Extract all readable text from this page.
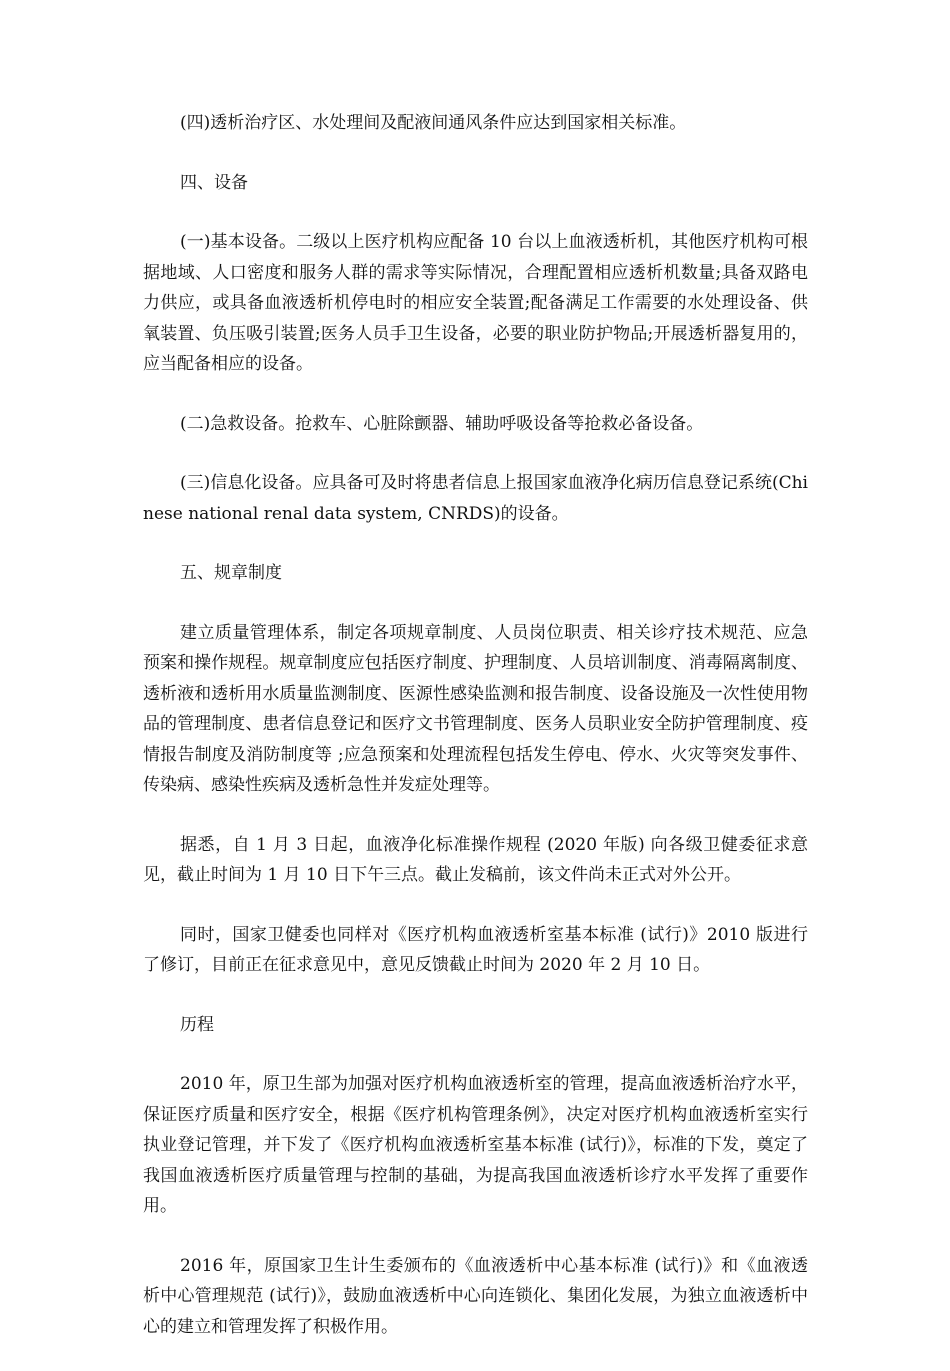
(四)透析治疗区、水处理间及配液间通风条件应达到国家相关标准。

四、设备

(一)基本设备。二级以上医疗机构应配备 10 台以上血液透析机，其他医疗机构可根据地域、人口密度和服务人群的需求等实际情况，合理配置相应透析机数量;具备双路电力供应，或具备血液透析机停电时的相应安全装置;配备满足工作需要的水处理设备、供氧装置、负压吸引装置;医务人员手卫生设备，必要的职业防护物品;开展透析器复用的，应当配备相应的设备。

(二)急救设备。抢救车、心脏除颤器、辅助呼吸设备等抢救必备设备。

(三)信息化设备。应具备可及时将患者信息上报国家血液净化病历信息登记系统(Chinese national renal data system, CNRDS)的设备。

五、规章制度

建立质量管理体系，制定各项规章制度、人员岗位职责、相关诊疗技术规范、应急预案和操作规程。规章制度应包括医疗制度、护理制度、人员培训制度、消毒隔离制度、透析液和透析用水质量监测制度、医源性感染监测和报告制度、设备设施及一次性使用物品的管理制度、患者信息登记和医疗文书管理制度、医务人员职业安全防护管理制度、疫情报告制度及消防制度等 ;应急预案和处理流程包括发生停电、停水、火灾等突发事件、传染病、感染性疾病及透析急性并发症处理等。

据悉，自 1 月 3 日起，血液净化标准操作规程 (2020 年版) 向各级卫健委征求意见，截止时间为 1 月 10 日下午三点。截止发稿前，该文件尚未正式对外公开。

同时，国家卫健委也同样对《医疗机构血液透析室基本标准 (试行)》2010 版进行了修订，目前正在征求意见中，意见反馈截止时间为 2020 年 2 月 10 日。

历程

2010 年，原卫生部为加强对医疗机构血液透析室的管理，提高血液透析治疗水平，保证医疗质量和医疗安全，根据《医疗机构管理条例》，决定对医疗机构血液透析室实行执业登记管理，并下发了《医疗机构血液透析室基本标准 (试行)》，标准的下发，奠定了我国血液透析医疗质量管理与控制的基础，为提高我国血液透析诊疗水平发挥了重要作用。

2016 年，原国家卫生计生委颁布的《血液透析中心基本标准 (试行)》和《血液透析中心管理规范 (试行)》，鼓励血液透析中心向连锁化、集团化发展，为独立血液透析中心的建立和管理发挥了积极作用。
